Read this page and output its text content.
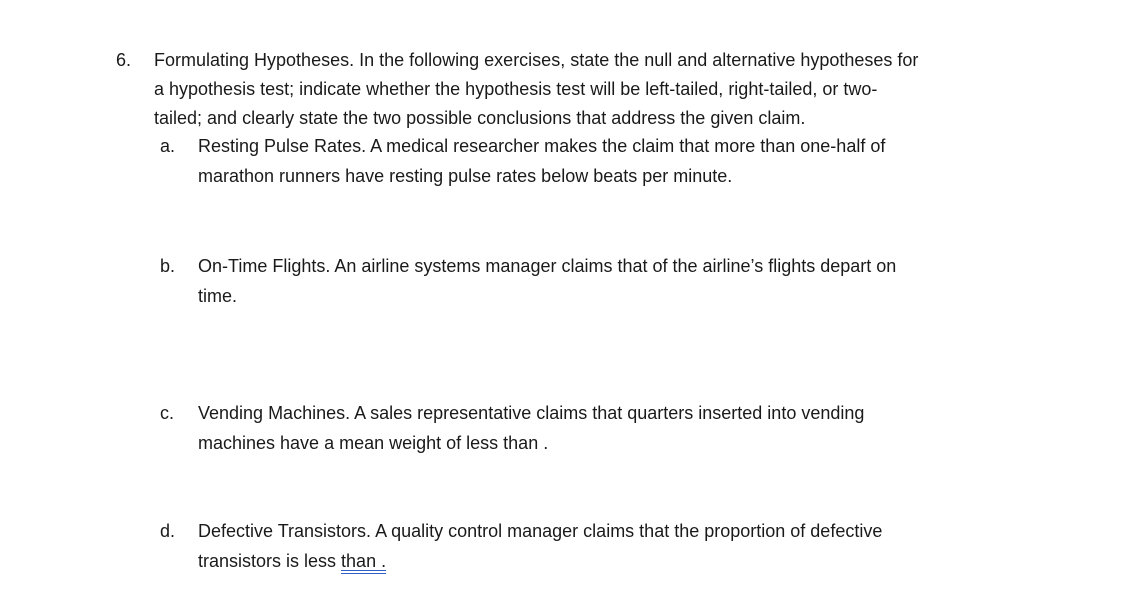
6. Formulating Hypotheses. In the following exercises, state the null and alternative hypotheses for
a hypothesis test; indicate whether the hypothesis test will be left-tailed, right-tailed, or two-
tailed; and clearly state the two possible conclusions that address the given claim.
a. Resting Pulse Rates. A medical researcher makes the claim that more than one-half of
marathon runners have resting pulse rates below beats per minute.
b. On-Time Flights. An airline systems manager claims that of the airline’s flights depart on
time.
c. Vending Machines. A sales representative claims that quarters inserted into vending
machines have a mean weight of less than .
d. Defective Transistors. A quality control manager claims that the proportion of defective
transistors is less than .
